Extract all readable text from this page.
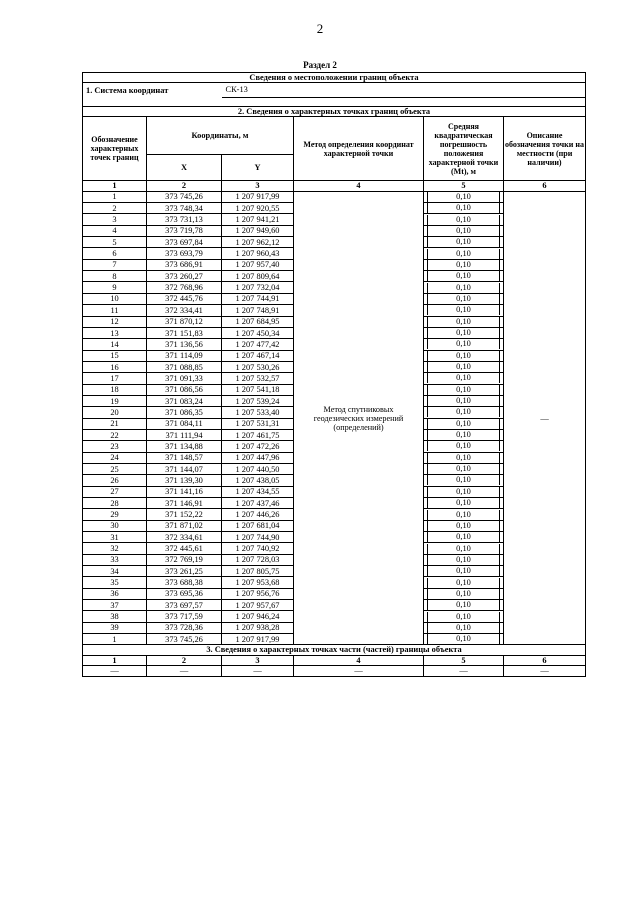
2
Раздел 2
Сведения о местоположении границ объекта					
1. Система координат		СК-13			

2. Сведения о характерных точках границ объекта					
Обозначение характерных точек границ	Координаты, м		Метод определения координат характерной точки	Средняя квадратическая погрешность положения характерной точки (Mt), м	Описание обозначения точки на местности (при наличии)
	X	Y			
1	2	3	4	5	6
1	373 745,26	1 207 917,99	Метод спутниковых геодезических измерений (определений)	0,10	—
2	373 748,34	1 207 920,55		0,10	

3	373 731,13	1 207 941,21		0,10	

4	373 719,78	1 207 949,60		0,10	

5	373 697,84	1 207 962,12		0,10	

6	373 693,79	1 207 960,43		0,10	

7	373 686,91	1 207 957,40		0,10	

8	373 260,27	1 207 809,64		0,10	

9	372 768,96	1 207 732,04		0,10	

10	372 445,76	1 207 744,91		0,10	

11	372 334,41	1 207 748,91		0,10	

12	371 870,12	1 207 684,95		0,10	

13	371 151,83	1 207 450,34		0,10	

14	371 136,56	1 207 477,42		0,10	

15	371 114,09	1 207 467,14		0,10	

16	371 088,85	1 207 530,26		0,10	

17	371 091,33	1 207 532,57		0,10	

18	371 086,56	1 207 541,18		0,10	

19	371 083,24	1 207 539,24		0,10	

20	371 086,35	1 207 533,40		0,10	

21	371 084,11	1 207 531,31		0,10	

22	371 111,94	1 207 461,75		0,10	

23	371 134,88	1 207 472,26		0,10	

24	371 148,57	1 207 447,96		0,10	

25	371 144,07	1 207 440,50		0,10	

26	371 139,30	1 207 438,05		0,10	

27	371 141,16	1 207 434,55		0,10	

28	371 146,91	1 207 437,46		0,10	

29	371 152,22	1 207 446,26		0,10	

30	371 871,02	1 207 681,04		0,10	

31	372 334,61	1 207 744,90		0,10	

32	372 445,61	1 207 740,92		0,10	

33	372 769,19	1 207 728,03		0,10	

34	373 261,25	1 207 805,75		0,10	

35	373 688,38	1 207 953,68		0,10	

36	373 695,36	1 207 956,76		0,10	

37	373 697,57	1 207 957,67		0,10	

38	373 717,59	1 207 946,24		0,10	

39	373 728,36	1 207 938,28		0,10	

1	373 745,26	1 207 917,99		0,10	

3. Сведения о характерных точках части (частей) границы объекта					
1	2	3	4	5	6
—	—	—	—	—	—
